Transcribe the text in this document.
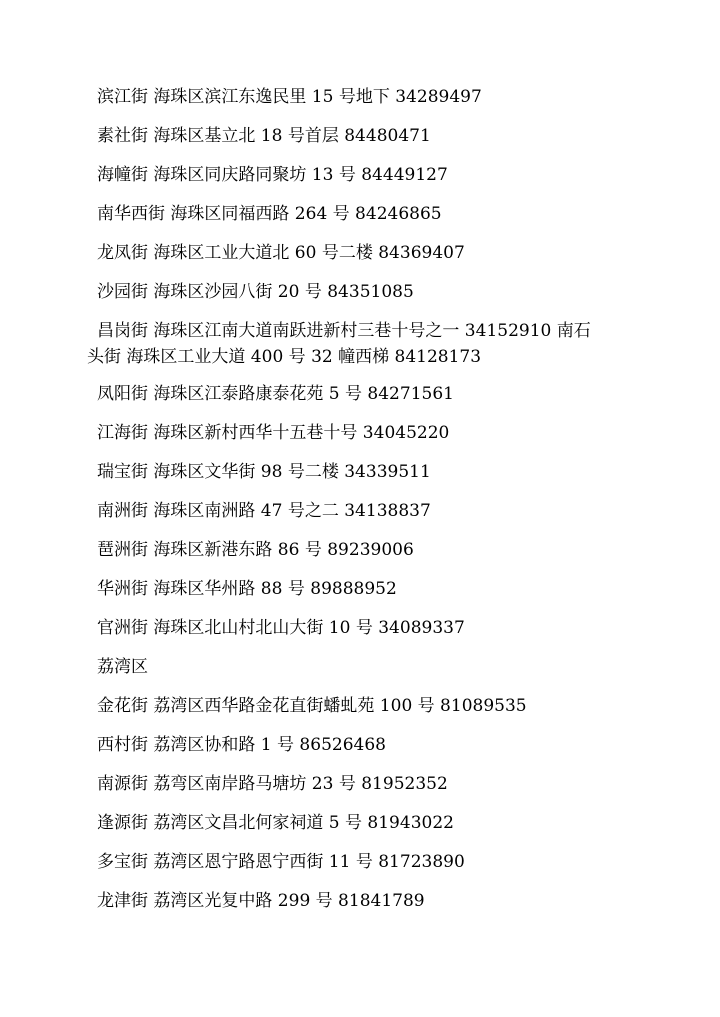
滨江街 海珠区滨江东逸民里 15 号地下 34289497
素社街 海珠区基立北 18 号首层 84480471
海幢街 海珠区同庆路同聚坊 13 号 84449127
南华西街 海珠区同福西路 264 号 84246865
龙凤街 海珠区工业大道北 60 号二楼 84369407
沙园街 海珠区沙园八街 20 号 84351085
昌岗街 海珠区江南大道南跃进新村三巷十号之一 34152910 南石
头街 海珠区工业大道 400 号 32 幢西梯 84128173
凤阳街 海珠区江泰路康泰花苑 5 号 84271561
江海街 海珠区新村西华十五巷十号 34045220
瑞宝街 海珠区文华街 98 号二楼 34339511
南洲街 海珠区南洲路 47 号之二 34138837
琶洲街 海珠区新港东路 86 号 89239006
华洲街 海珠区华州路 88 号 89888952
官洲街 海珠区北山村北山大街 10 号 34089337
荔湾区
金花街 荔湾区西华路金花直街蟠虬苑 100 号 81089535
西村街 荔湾区协和路 1 号 86526468
南源街 荔弯区南岸路马塘坊 23 号 81952352
逢源街 荔湾区文昌北何家祠道 5 号 81943022
多宝街 荔湾区恩宁路恩宁西街 11 号 81723890
龙津街 荔湾区光复中路 299 号 81841789
